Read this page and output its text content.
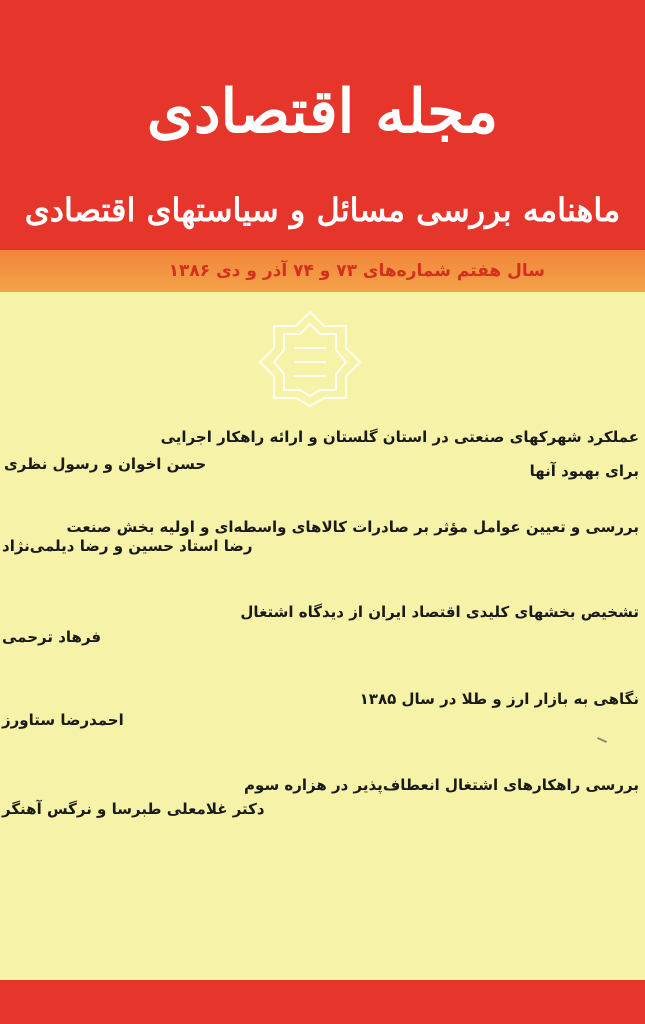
مجله اقتصادی
ماهنامه بررسی مسائل و سیاستهای اقتصادی
سال هفتم شماره‌های ۷۳ و ۷۴ آذر و دی ۱۳۸۶
عملکرد شهرکهای صنعتی در استان گلستان و ارائه راهکار اجرایی
برای بهبود آنها
حسن اخوان و رسول نظری
بررسی و تعیین عوامل مؤثر بر صادرات کالاهای واسطه‌ای و اولیه بخش صنعت
رضا استاد حسین و رضا دیلمی‌نژاد
تشخیص بخشهای کلیدی اقتصاد ایران از دیدگاه اشتغال
فرهاد ترحمی
نگاهی به بازار ارز و طلا در سال ۱۳۸۵
احمدرضا ستاورز
بررسی راهکارهای اشتغال انعطاف‌پذیر در هزاره سوم
دکتر غلامعلی طبرسا و نرگس آهنگر
